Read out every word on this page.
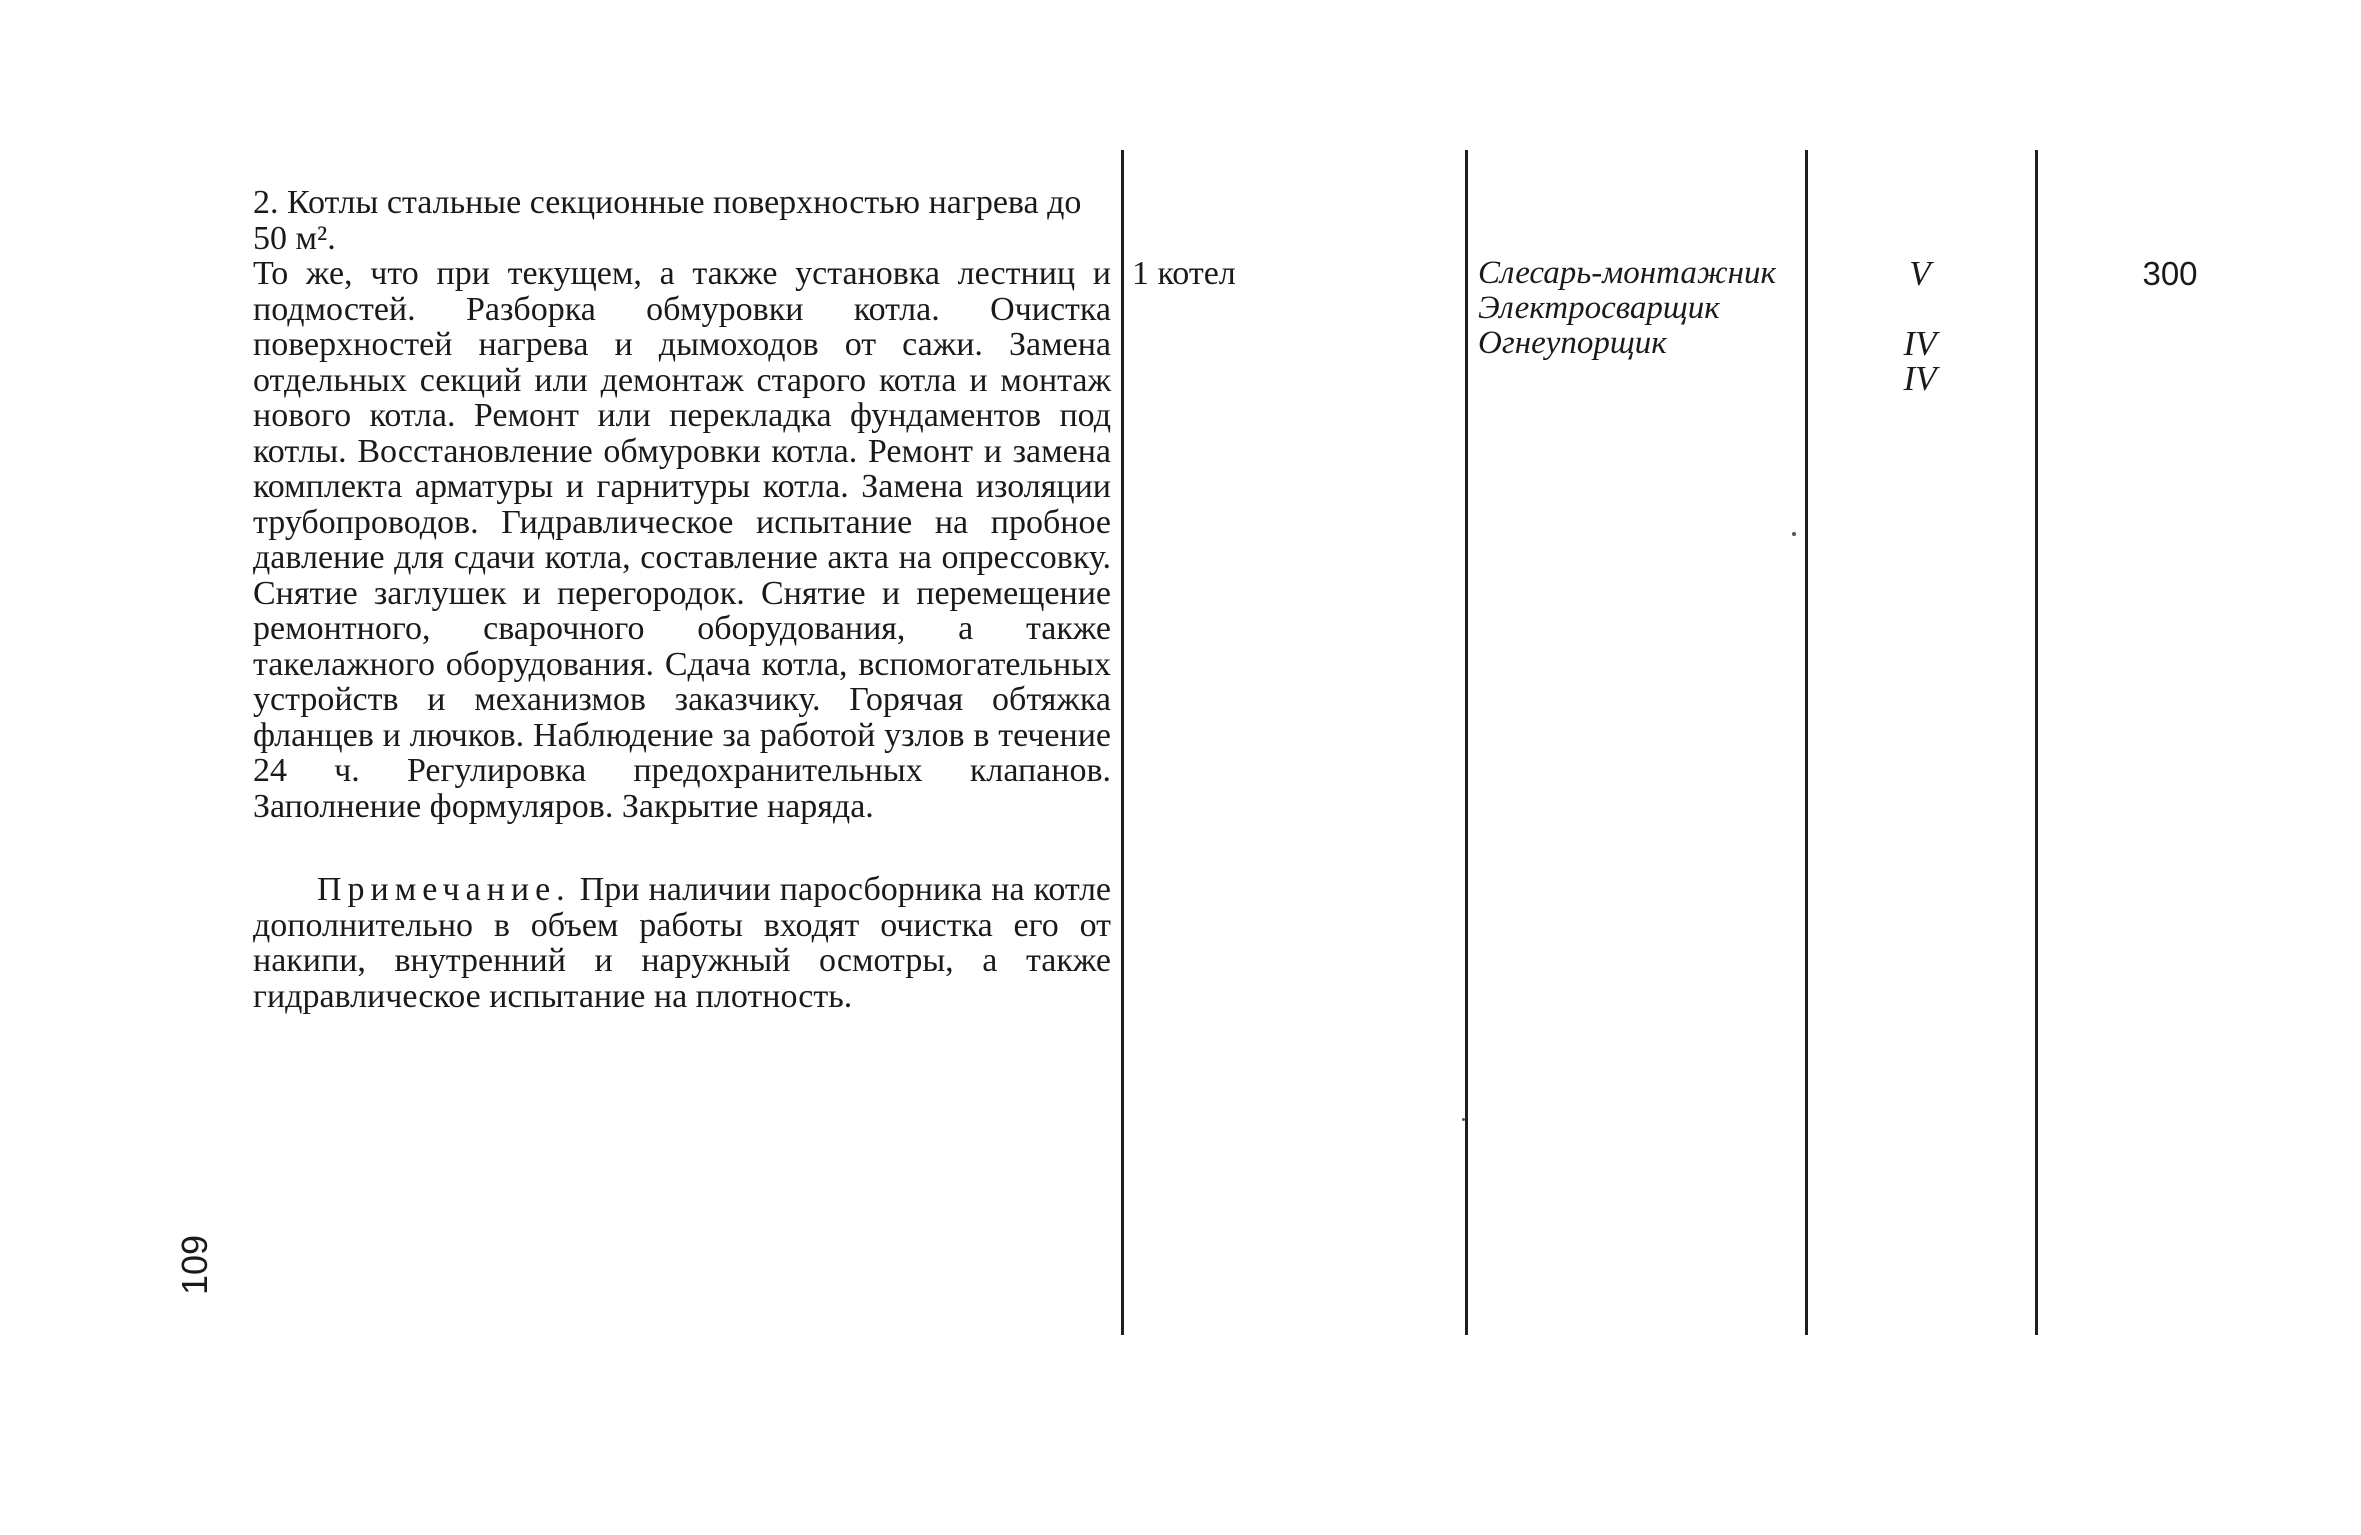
2. Котлы стальные секционные поверхностью нагрева до 50 м².

То же, что при текущем, а также установка лестниц и подмостей. Разборка обмуровки котла. Очистка поверхностей нагрева и дымоходов от сажи. Замена отдельных секций или демонтаж старого котла и монтаж нового котла. Ремонт или перекладка фундаментов под котлы. Восстановление обмуровки котла. Ремонт и замена комплекта арматуры и гарнитуры котла. Замена изоляции трубопроводов. Гидравлическое испытание на пробное давление для сдачи котла, составление акта на опрессовку. Снятие заглушек и перегородок. Снятие и перемещение ремонтного, сварочного оборудования, а также такелажного оборудования. Сдача котла, вспомогательных устройств и механизмов заказчику. Горячая обтяжка фланцев и лючков. Наблюдение за работой узлов в течение 24 ч. Регулировка предохранительных клапанов. Заполнение формуляров. Закрытие наряда.

Примечание. При наличии паросборника на котле дополнительно в объем работы входят очистка его от накипи, внутренний и наружный осмотры, а также гидравлическое испытание на плотность.
1 котел	Слесарь-монтажник
Электросварщик
Огнеупорщик
V
IV
IV
300
109
